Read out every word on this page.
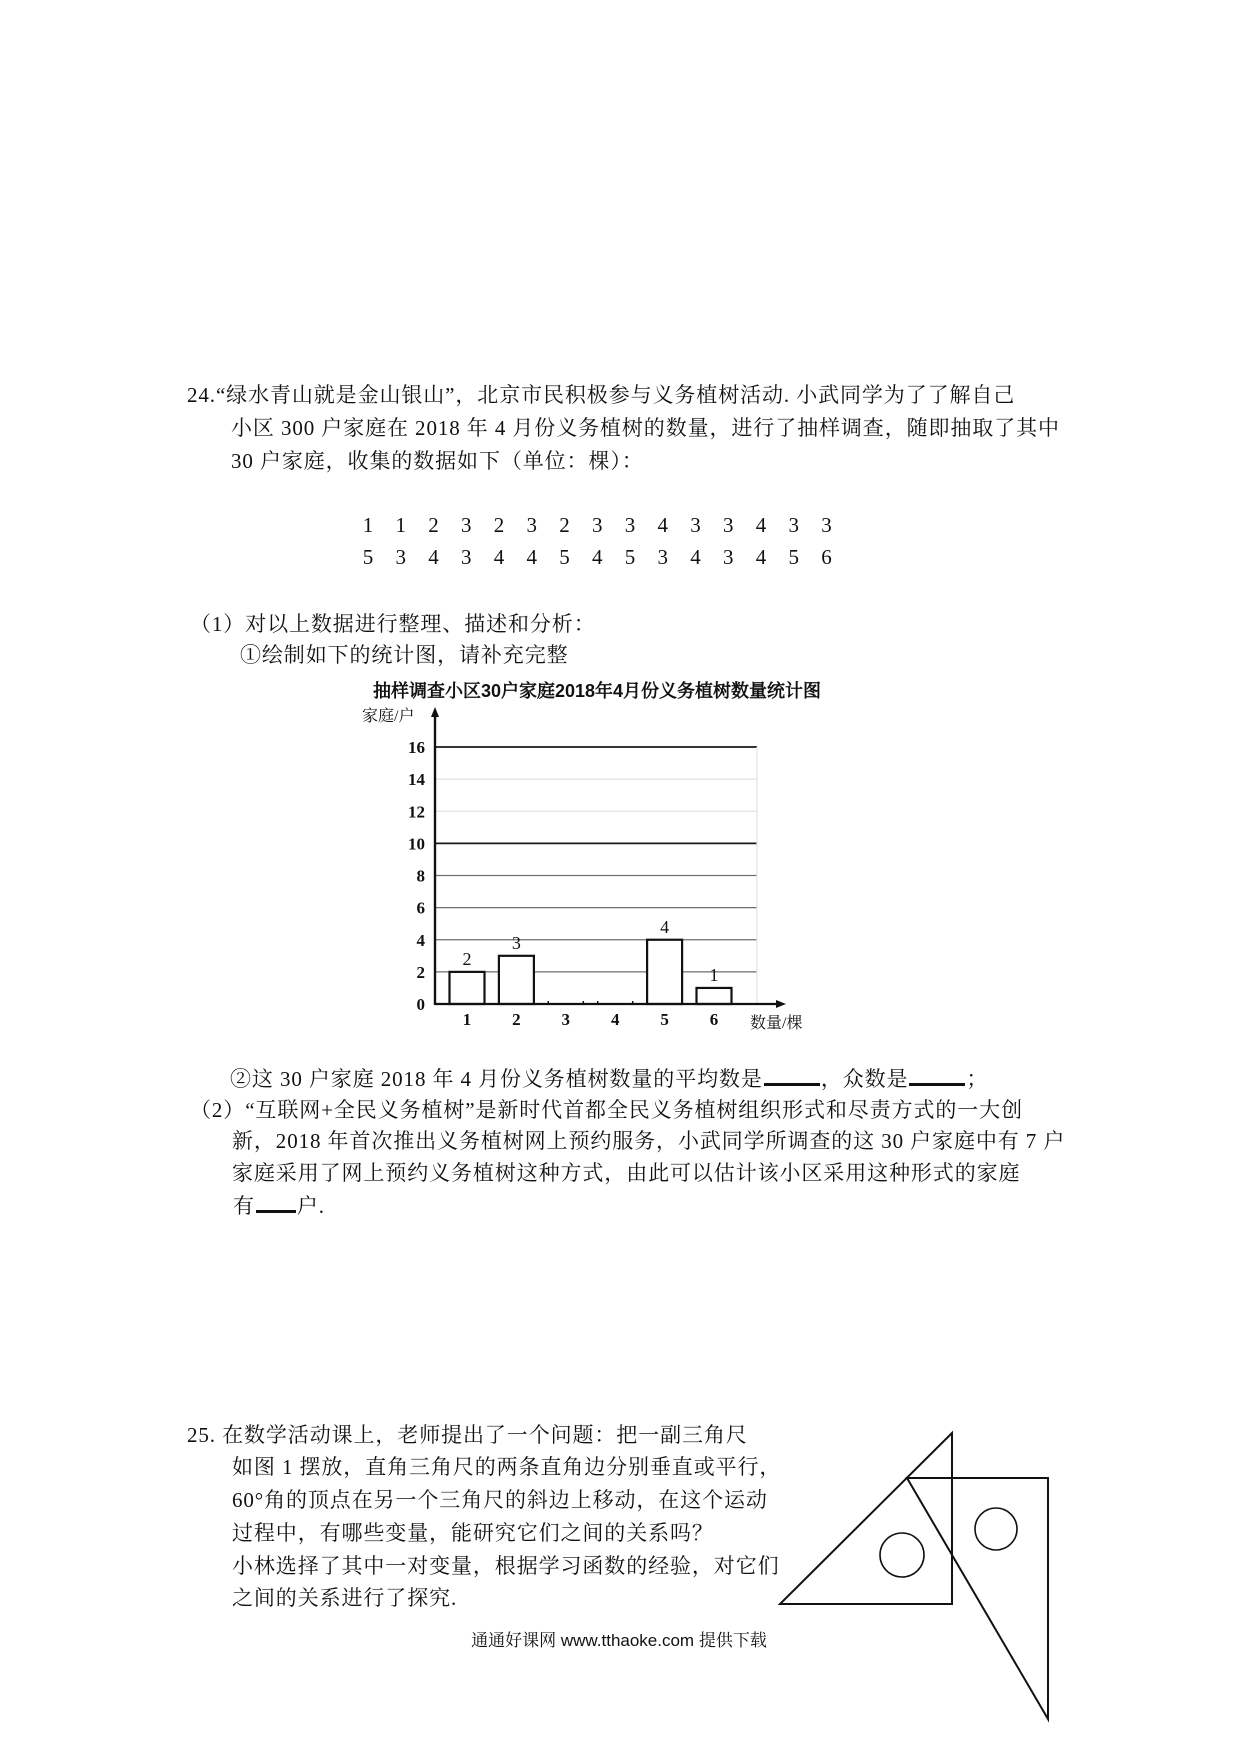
24.“绿水青山就是金山银山”，北京市民积极参与义务植树活动. 小武同学为了了解自己
小区 300 户家庭在 2018 年 4 月份义务植树的数量，进行了抽样调查，随即抽取了其中
30 户家庭，收集的数据如下（单位：棵）：
1	1	2	3	2	3	2	3	3	4	3	3	4	3	3
5	3	4	3	4	4	5	4	5	3	4	3	4	5	6
（1）对以上数据进行整理、描述和分析：
①绘制如下的统计图，请补充完整
0
2
4
6
8
10
12
14
16
2
1
3
2 3 4
4
5
1
6
抽样调查小区30户家庭2018年4月份义务植树数量统计图
家庭/户
数量/棵
②这 30 户家庭 2018 年 4 月份义务植树数量的平均数是	，众数是	；
（2）“互联网+全民义务植树”是新时代首都全民义务植树组织形式和尽责方式的一大创
新，2018 年首次推出义务植树网上预约服务，小武同学所调查的这 30 户家庭中有 7 户
家庭采用了网上预约义务植树这种方式，由此可以估计该小区采用这种形式的家庭
有 户.
25. 在数学活动课上，老师提出了一个问题：把一副三角尺
如图 1 摆放，直角三角尺的两条直角边分别垂直或平行，
60°角的顶点在另一个三角尺的斜边上移动，在这个运动
过程中，有哪些变量，能研究它们之间的关系吗？
小林选择了其中一对变量，根据学习函数的经验，对它们
之间的关系进行了探究.
通通好课网 www.tthaoke.com 提供下载
